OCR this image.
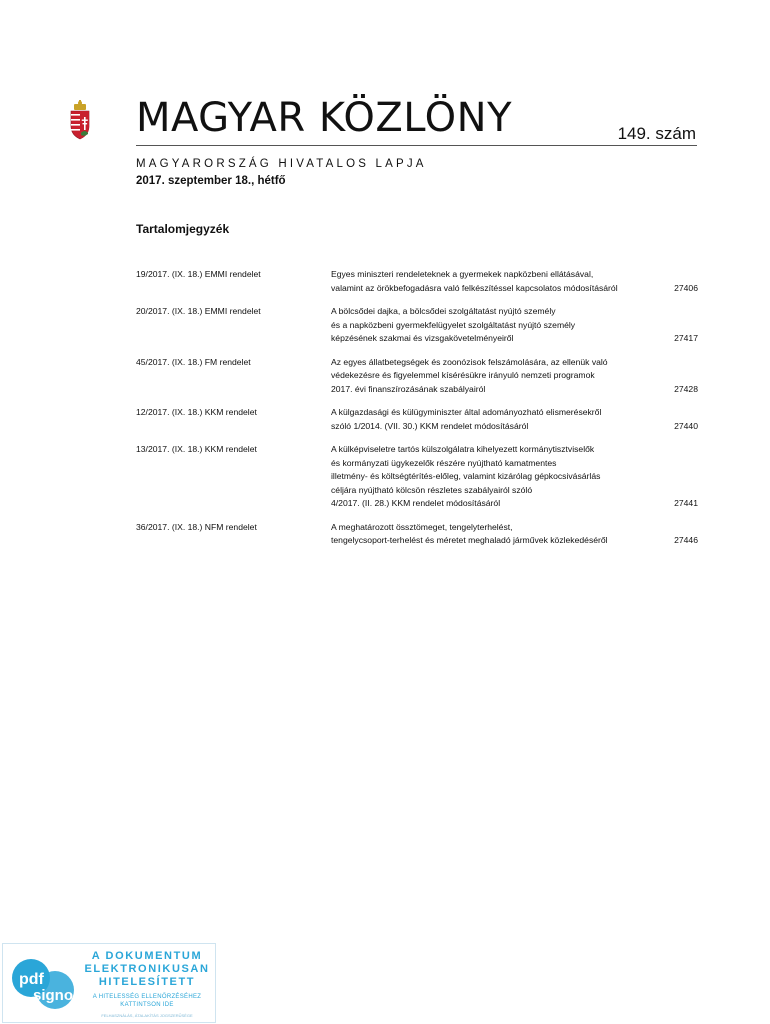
MAGYAR KÖZLÖNY	149. szám
MAGYARORSZÁG HIVATALOS LAPJA
2017. szeptember 18., hétfő
Tartalomjegyzék
19/2017. (IX. 18.) EMMI rendelet	Egyes miniszteri rendeleteknek a gyermekek napközbeni ellátásával,
valamint az örökbefogadásra való felkészítéssel kapcsolatos módosításáról	27406
20/2017. (IX. 18.) EMMI rendelet	A bölcsődei dajka, a bölcsődei szolgáltatást nyújtó személy
és a napközbeni gyermekfelügyelet szolgáltatást nyújtó személy
képzésének szakmai és vizsgakövetelményeiről	27417
45/2017. (IX. 18.) FM rendelet	Az egyes állatbetegségek és zoonózisok felszámolására, az ellenük való
védekezésre és figyelemmel kísérésükre irányuló nemzeti programok
2017. évi finanszírozásának szabályairól	27428
12/2017. (IX. 18.) KKM rendelet	A külgazdasági és külügyminiszter által adományozható elismerésekről
szóló 1/2014. (VII. 30.) KKM rendelet módosításáról	27440
13/2017. (IX. 18.) KKM rendelet	A külképviseletre tartós külszolgálatra kihelyezett kormánytisztviselők
és kormányzati ügykezelők részére nyújtható kamatmentes
illetmény- és költségtérítés-előleg, valamint kizárólag gépkocsivásárlás
céljára nyújtható kölcsön részletes szabályairól szóló
4/2017. (II. 28.) KKM rendelet módosításáról	27441
36/2017. (IX. 18.) NFM rendelet	A meghatározott össztömeget, tengelyterhelést,
tengelycsoport-terhelést és méretet meghaladó járművek közlekedéséről	27446
pdf
signo
A DOKUMENTUM
ELEKTRONIKUSAN
HITELESÍTETT
A HITELESSÉG ELLENŐRZÉSÉHEZ
KATTINTSON IDE
FELHASZNÁLÁS, ÁTALAKÍTÁS JOGSZERŰSÉGE
